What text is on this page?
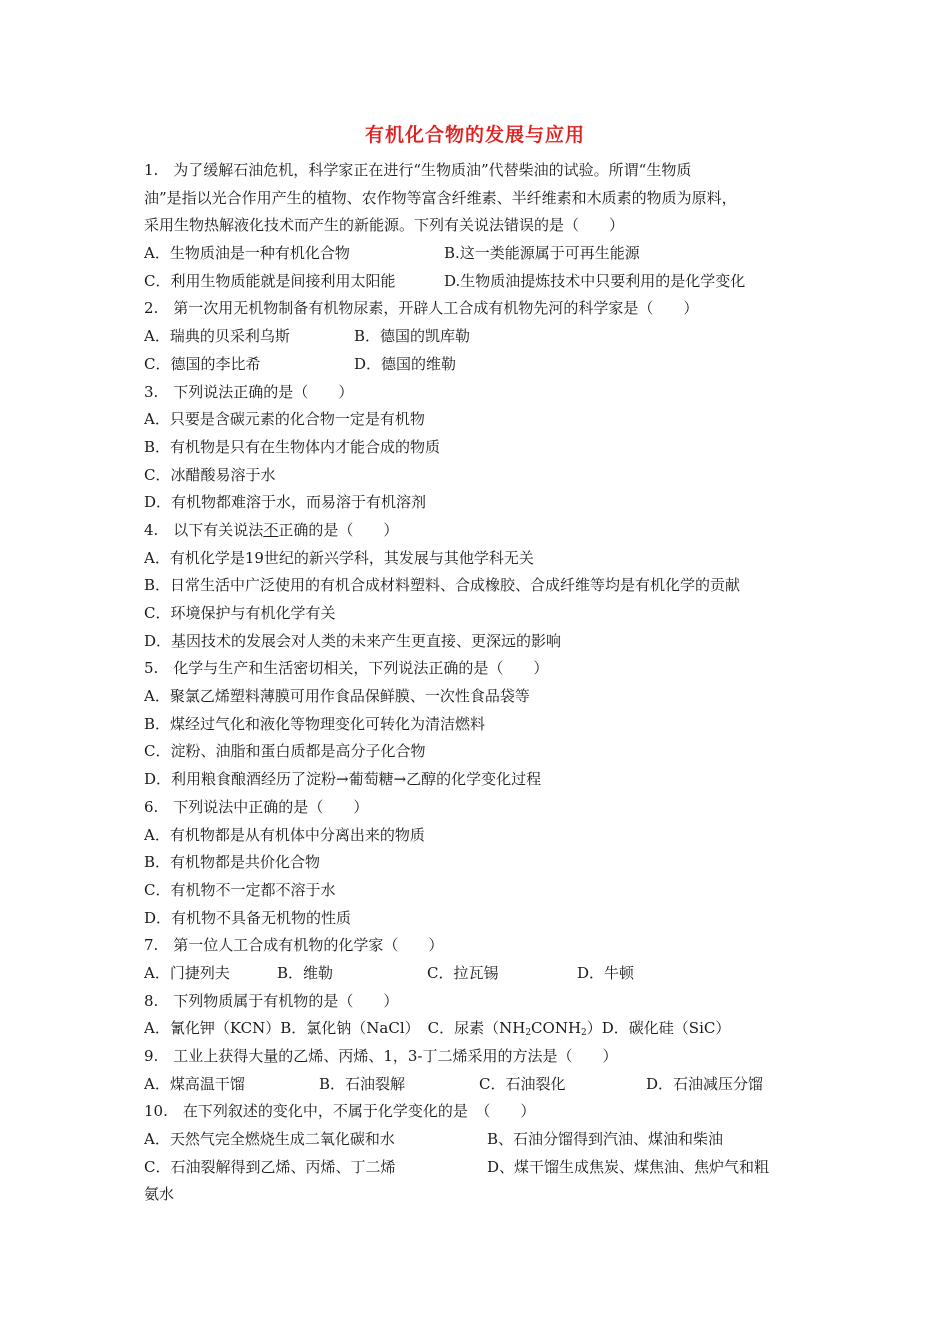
有机化合物的发展与应用
1.　为了缓解石油危机，科学家正在进行“生物质油”代替柴油的试验。所谓“生物质
油”是指以光合作用产生的植物、农作物等富含纤维素、半纤维素和木质素的物质为原料，
采用生物热解液化技术而产生的新能源。下列有关说法错误的是（　　）
A．生物质油是一种有机化合物	B.这一类能源属于可再生能源
C．利用生物质能就是间接利用太阳能	D.生物质油提炼技术中只要利用的是化学变化
2.　第一次用无机物制备有机物尿素，开辟人工合成有机物先河的科学家是（　　）
A．瑞典的贝采利乌斯	B．德国的凯库勒
C．德国的李比希	D．德国的维勒
3.　下列说法正确的是（　　）
A．只要是含碳元素的化合物一定是有机物
B．有机物是只有在生物体内才能合成的物质
C．冰醋酸易溶于水
D．有机物都难溶于水，而易溶于有机溶剂
4.　以下有关说法不正确的是（　　）
A．有机化学是19世纪的新兴学科，其发展与其他学科无关
B．日常生活中广泛使用的有机合成材料塑料、合成橡胶、合成纤维等均是有机化学的贡献
C．环境保护与有机化学有关
D．基因技术的发展会对人类的未来产生更直接、更深远的影响
5.　化学与生产和生活密切相关，下列说法正确的是（　　）
A．聚氯乙烯塑料薄膜可用作食品保鲜膜、一次性食品袋等
B．煤经过气化和液化等物理变化可转化为清洁燃料
C．淀粉、油脂和蛋白质都是高分子化合物
D．利用粮食酿酒经历了淀粉→葡萄糖→乙醇的化学变化过程
6.　下列说法中正确的是（　　）
A．有机物都是从有机体中分离出来的物质
B．有机物都是共价化合物
C．有机物不一定都不溶于水
D．有机物不具备无机物的性质
7.　第一位人工合成有机物的化学家（　　）
A．门捷列夫	B．维勒	C．拉瓦锡	D．牛顿
8.　下列物质属于有机物的是（　　）
A．氰化钾（KCN） B．氯化钠（NaCl） C．尿素$(NH_2CONH_2)$ D．碳化硅（SiC）
9.　工业上获得大量的乙烯、丙烯、1，3-丁二烯采用的方法是（　　）
A．煤高温干馏	B．石油裂解	C．石油裂化	D．石油减压分馏
10.　在下列叙述的变化中，不属于化学变化的是　（　　）
A．天然气完全燃烧生成二氧化碳和水	B、石油分馏得到汽油、煤油和柴油
C．石油裂解得到乙烯、丙烯、丁二烯	D、煤干馏生成焦炭、煤焦油、焦炉气和粗
氨水
